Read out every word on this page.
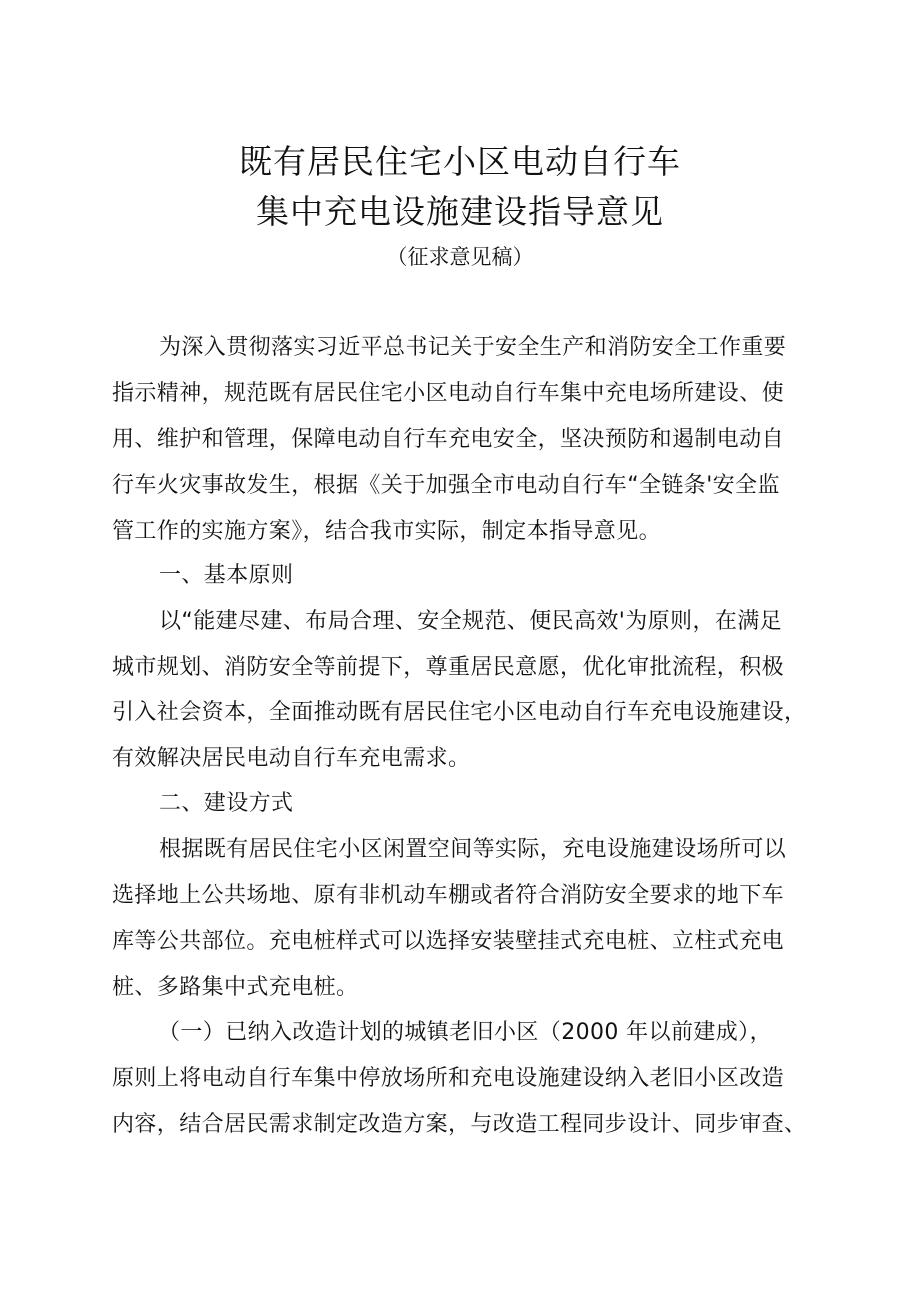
既有居民住宅小区电动自行车
集中充电设施建设指导意见
（征求意见稿）
为深入贯彻落实习近平总书记关于安全生产和消防安全工作重要
指示精神，规范既有居民住宅小区电动自行车集中充电场所建设、使
用、维护和管理，保障电动自行车充电安全，坚决预防和遏制电动自
行车火灾事故发生，根据《关于加强全市电动自行车“全链条'安全监
管工作的实施方案》，结合我市实际，制定本指导意见。
一、基本原则
以“能建尽建、布局合理、安全规范、便民高效'为原则，在满足
城市规划、消防安全等前提下，尊重居民意愿，优化审批流程，积极
引入社会资本，全面推动既有居民住宅小区电动自行车充电设施建设，
有效解决居民电动自行车充电需求。
二、建设方式
根据既有居民住宅小区闲置空间等实际，充电设施建设场所可以
选择地上公共场地、原有非机动车棚或者符合消防安全要求的地下车
库等公共部位。充电桩样式可以选择安装壁挂式充电桩、立柱式充电
桩、多路集中式充电桩。
（一）已纳入改造计划的城镇老旧小区（2000 年以前建成），
原则上将电动自行车集中停放场所和充电设施建设纳入老旧小区改造
内容，结合居民需求制定改造方案，与改造工程同步设计、同步审查、
